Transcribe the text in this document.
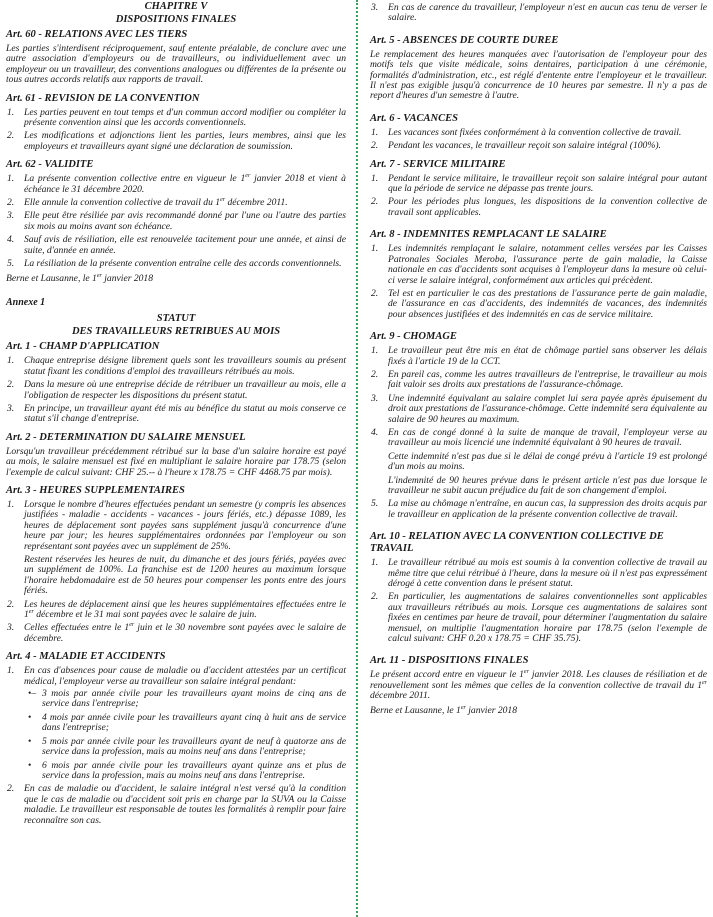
CHAPITRE V
DISPOSITIONS FINALES
Art. 60 - RELATIONS AVEC LES TIERS

Les parties s'interdisent réciproquement, sauf entente préalable, de conclure avec une autre association d'employeurs ou de travailleurs, ou individuellement avec un employeur ou un travailleur, des conventions analogues ou différentes de la présente ou tous autres accords relatifs aux rapports de travail.

Art. 61 - REVISION DE LA CONVENTION
1. Les parties peuvent en tout temps et d'un commun accord modifier ou compléter la présente convention ainsi que les accords conventionnels.
2. Les modifications et adjonctions lient les parties, leurs membres, ainsi que les employeurs et travailleurs ayant signé une déclaration de soumission.
Art. 62 - VALIDITE
1. La présente convention collective entre en vigueur le 1er janvier 2018 et vient à échéance le 31 décembre 2020.
2. Elle annule la convention collective de travail du 1er décembre 2011.
3. Elle peut être résiliée par avis recommandé donné par l'une ou l'autre des parties six mois au moins avant son échéance.
4. Sauf avis de résiliation, elle est renouvelée tacitement pour une année, et ainsi de suite, d'année en année.
5. La résiliation de la présente convention entraîne celle des accords conventionnels.

Berne et Lausanne, le 1er janvier 2018

Annexe 1
STATUT
DES TRAVAILLEURS RETRIBUES AU MOIS
Art. 1 - CHAMP D'APPLICATION
1. Chaque entreprise désigne librement quels sont les travailleurs soumis au présent statut fixant les conditions d'emploi des travailleurs rétribués au mois.
2. Dans la mesure où une entreprise décide de rétribuer un travailleur au mois, elle a l'obligation de respecter les dispositions du présent statut.
3. En principe, un travailleur ayant été mis au bénéfice du statut au mois conserve ce statut s'il change d'entreprise.
Art. 2 - DETERMINATION DU SALAIRE MENSUEL

Lorsqu'un travailleur précédemment rétribué sur la base d'un salaire horaire est payé au mois, le salaire mensuel est fixé en multipliant le salaire horaire par 178.75 (selon l'exemple de calcul suivant: CHF 25.-- à l'heure x 178.75 = CHF 4468.75 par mois).

Art. 3 - HEURES SUPPLEMENTAIRES
1. Lorsque le nombre d'heures effectuées pendant un semestre (y compris les absences justifiées - maladie - accidents - vacances - jours fériés, etc.) dépasse 1089, les heures de déplacement sont payées sans supplément jusqu'à concurrence d'une heure par jour; les heures supplémentaires ordonnées par l'employeur ou son représentant sont payées avec un supplément de 25%.
Restent réservées les heures de nuit, du dimanche et des jours fériés, payées avec un supplément de 100%. La franchise est de 1200 heures au maximum lorsque l'horaire hebdomadaire est de 50 heures pour compenser les ponts entre des jours fériés.
2. Les heures de déplacement ainsi que les heures supplémentaires effectuées entre le 1er décembre et le 31 mai sont payées avec le salaire de juin.
3. Celles effectuées entre le 1er juin et le 30 novembre sont payées avec le salaire de décembre.
Art. 4 - MALADIE ET ACCIDENTS
1. En cas d'absences pour cause de maladie ou d'accident attestées par un certificat médical, l'employeur verse au travailleur son salaire intégral pendant:
•– 3 mois par année civile pour les travailleurs ayant moins de cinq ans de service dans l'entreprise;
• 4 mois par année civile pour les travailleurs ayant cinq à huit ans de service dans l'entreprise;
• 5 mois par année civile pour les travailleurs ayant de neuf à quatorze ans de service dans la profession, mais au moins neuf ans dans l'entreprise;
• 6 mois par année civile pour les travailleurs ayant quinze ans et plus de service dans la profession, mais au moins neuf ans dans l'entreprise.
2. En cas de maladie ou d'accident, le salaire intégral n'est versé qu'à la condition que le cas de maladie ou d'accident soit pris en charge par la SUVA ou la Caisse maladie. Le travailleur est responsable de toutes les formalités à remplir pour faire reconnaître son cas.
3. En cas de carence du travailleur, l'employeur n'est en aucun cas tenu de verser le salaire.
Art. 5 - ABSENCES DE COURTE DUREE

Le remplacement des heures manquées avec l'autorisation de l'employeur pour des motifs tels que visite médicale, soins dentaires, participation à une cérémonie, formalités d'administration, etc., est réglé d'entente entre l'employeur et le travailleur. Il n'est pas exigible jusqu'à concurrence de 10 heures par semestre. Il n'y a pas de report d'heures d'un semestre à l'autre.

Art. 6 - VACANCES
1. Les vacances sont fixées conformément à la convention collective de travail.
2. Pendant les vacances, le travailleur reçoit son salaire intégral (100%).
Art. 7 - SERVICE MILITAIRE
1. Pendant le service militaire, le travailleur reçoit son salaire intégral pour autant que la période de service ne dépasse pas trente jours.
2. Pour les périodes plus longues, les dispositions de la convention collective de travail sont applicables.
Art. 8 - INDEMNITES REMPLACANT LE SALAIRE
1. Les indemnités remplaçant le salaire, notamment celles versées par les Caisses Patronales Sociales Meroba, l'assurance perte de gain maladie, la Caisse nationale en cas d'accidents sont acquises à l'employeur dans la mesure où celui-ci verse le salaire intégral, conformément aux articles qui précèdent.
2. Tel est en particulier le cas des prestations de l'assurance perte de gain maladie, de l'assurance en cas d'accidents, des indemnités de vacances, des indemnités pour absences justifiées et des indemnités en cas de service militaire.
Art. 9 - CHOMAGE
1. Le travailleur peut être mis en état de chômage partiel sans observer les délais fixés à l'article 19 de la CCT.
2. En pareil cas, comme les autres travailleurs de l'entreprise, le travailleur au mois fait valoir ses droits aux prestations de l'assurance-chômage.
3. Une indemnité équivalant au salaire complet lui sera payée après épuisement du droit aux prestations de l'assurance-chômage. Cette indemnité sera équivalente au salaire de 90 heures au maximum.
4. En cas de congé donné à la suite de manque de travail, l'employeur verse au travailleur au mois licencié une indemnité équivalant à 90 heures de travail.
Cette indemnité n'est pas due si le délai de congé prévu à l'article 19 est prolongé d'un mois au moins.
L'indemnité de 90 heures prévue dans le présent article n'est pas due lorsque le travailleur ne subit aucun préjudice du fait de son changement d'emploi.
5. La mise au chômage n'entraîne, en aucun cas, la suppression des droits acquis par le travailleur en application de la présente convention collective de travail.
Art. 10 - RELATION AVEC LA CONVENTION COLLECTIVE DE TRAVAIL
1. Le travailleur rétribué au mois est soumis à la convention collective de travail au même titre que celui rétribué à l'heure, dans la mesure où il n'est pas expressément dérogé à cette convention dans le présent statut.
2. En particulier, les augmentations de salaires conventionnelles sont applicables aux travailleurs rétribués au mois. Lorsque ces augmentations de salaires sont fixées en centimes par heure de travail, pour déterminer l'augmentation du salaire mensuel, on multiplie l'augmentation horaire par 178.75 (selon l'exemple de calcul suivant: CHF 0.20 x 178.75 = CHF 35.75).
Art. 11 - DISPOSITIONS FINALES

Le présent accord entre en vigueur le 1er janvier 2018. Les clauses de résiliation et de renouvellement sont les mêmes que celles de la convention collective de travail du 1er décembre 2011.

Berne et Lausanne, le 1er janvier 2018
